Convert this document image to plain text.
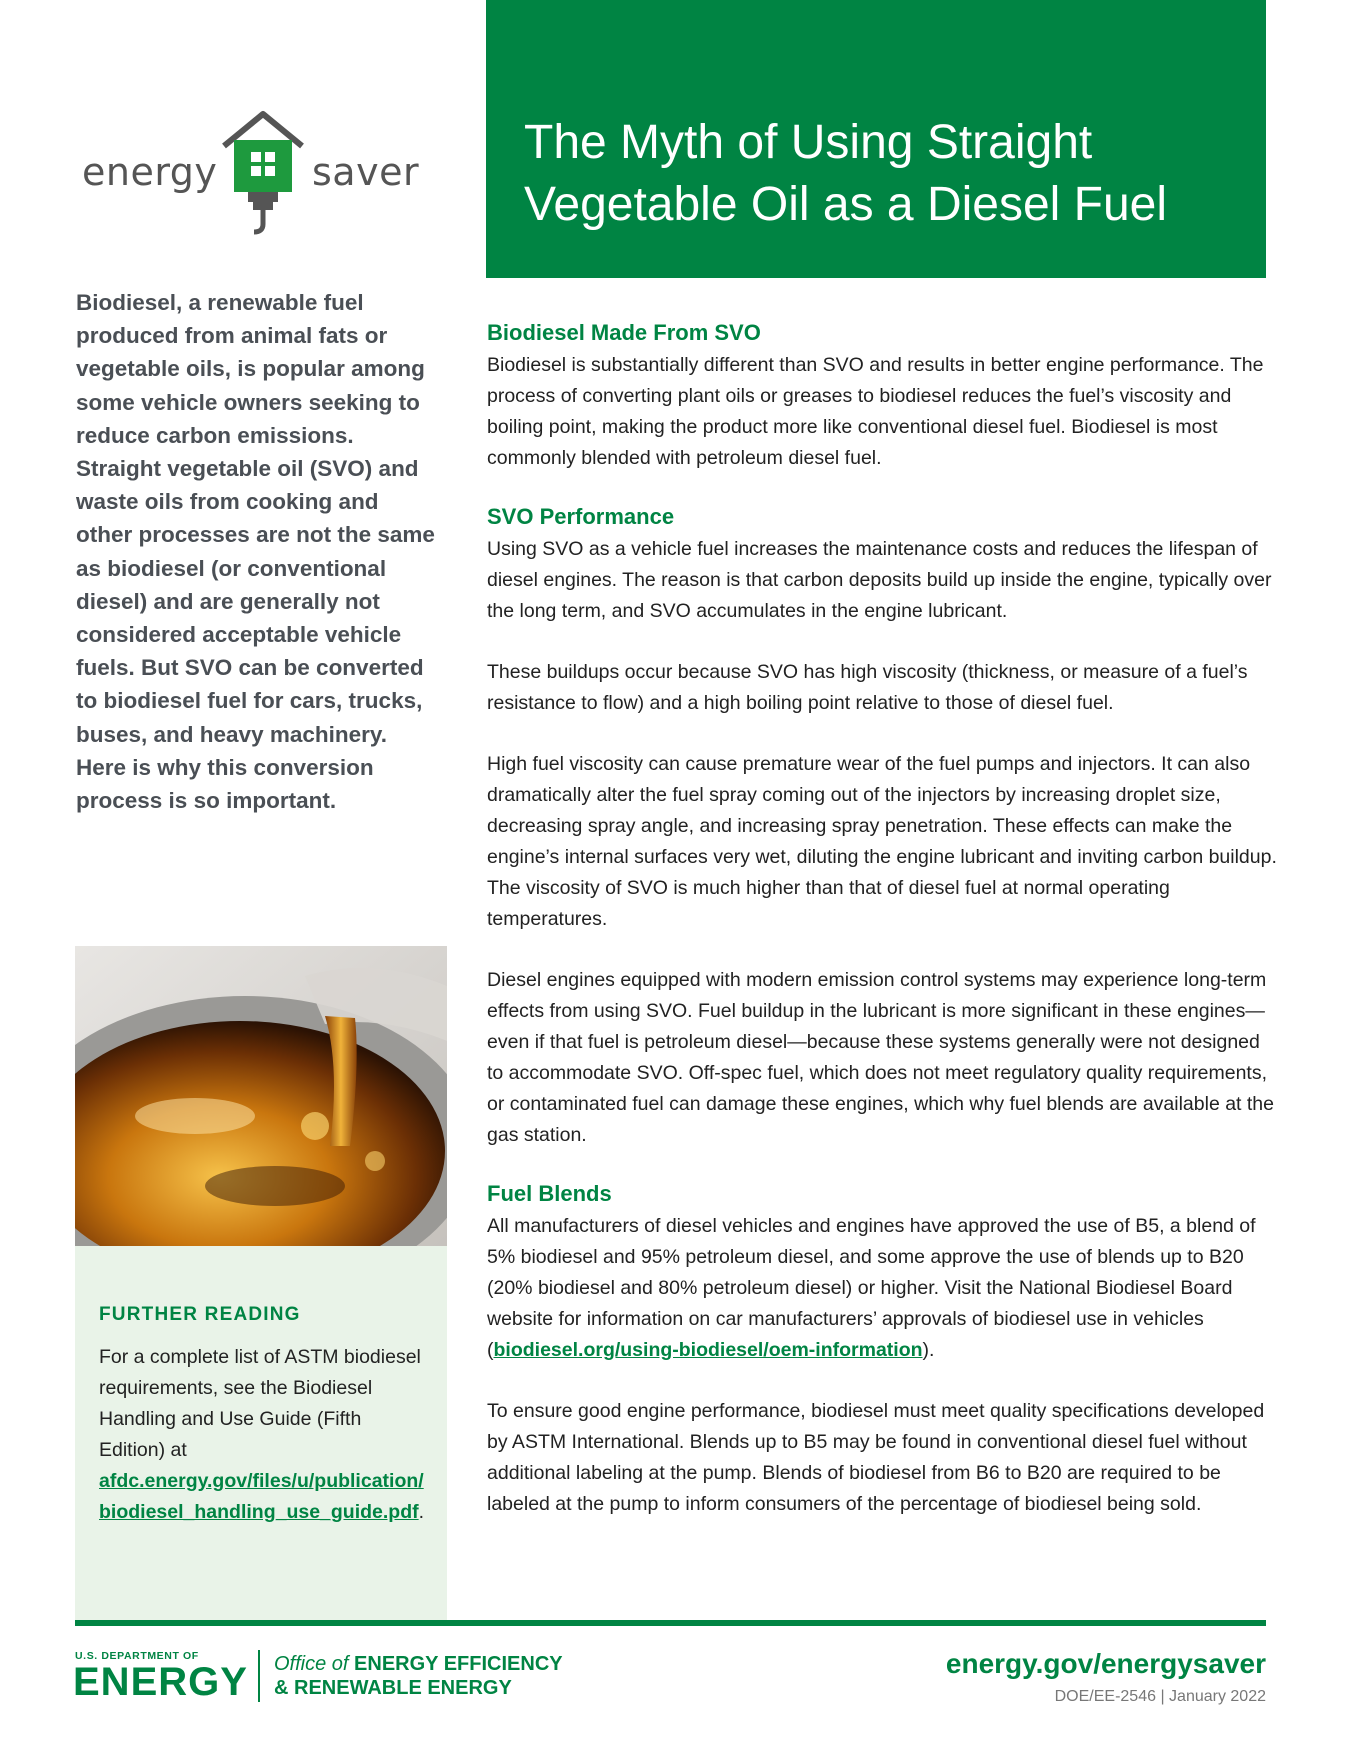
energy saver
The Myth of Using Straight Vegetable Oil as a Diesel Fuel
Biodiesel, a renewable fuel produced from animal fats or vegetable oils, is popular among some vehicle owners seeking to reduce carbon emissions. Straight vegetable oil (SVO) and waste oils from cooking and other processes are not the same as biodiesel (or conventional diesel) and are generally not considered acceptable vehicle fuels. But SVO can be converted to biodiesel fuel for cars, trucks, buses, and heavy machinery. Here is why this conversion process is so important.
FURTHER READING
For a complete list of ASTM biodiesel requirements, see the Biodiesel Handling and Use Guide (Fifth Edition) at afdc.energy.gov/files/u/publication/ biodiesel_handling_use_guide.pdf.
Biodiesel Made From SVO

Biodiesel is substantially different than SVO and results in better engine performance. The process of converting plant oils or greases to biodiesel reduces the fuel’s viscosity and boiling point, making the product more like conventional diesel fuel. Biodiesel is most commonly blended with petroleum diesel fuel.

SVO Performance

Using SVO as a vehicle fuel increases the maintenance costs and reduces the lifespan of diesel engines. The reason is that carbon deposits build up inside the engine, typically over the long term, and SVO accumulates in the engine lubricant.

These buildups occur because SVO has high viscosity (thickness, or measure of a fuel’s resistance to flow) and a high boiling point relative to those of diesel fuel.

High fuel viscosity can cause premature wear of the fuel pumps and injectors. It can also dramatically alter the fuel spray coming out of the injectors by increasing droplet size, decreasing spray angle, and increasing spray penetration. These effects can make the engine’s internal surfaces very wet, diluting the engine lubricant and inviting carbon buildup. The viscosity of SVO is much higher than that of diesel fuel at normal operating temperatures.

Diesel engines equipped with modern emission control systems may experience long-term effects from using SVO. Fuel buildup in the lubricant is more significant in these engines—even if that fuel is petroleum diesel—because these systems generally were not designed to accommodate SVO. Off-spec fuel, which does not meet regulatory quality requirements, or contaminated fuel can damage these engines, which why fuel blends are available at the gas station.

Fuel Blends

All manufacturers of diesel vehicles and engines have approved the use of B5, a blend of 5% biodiesel and 95% petroleum diesel, and some approve the use of blends up to B20 (20% biodiesel and 80% petroleum diesel) or higher. Visit the National Biodiesel Board website for information on car manufacturers’ approvals of biodiesel use in vehicles (biodiesel.org/using-biodiesel/oem-information).

To ensure good engine performance, biodiesel must meet quality specifications developed by ASTM International. Blends up to B5 may be found in conventional diesel fuel without additional labeling at the pump. Blends of biodiesel from B6 to B20 are required to be labeled at the pump to inform consumers of the percentage of biodiesel being sold.

U.S. DEPARTMENT OF
ENERGY Office of ENERGY EFFICIENCY
& RENEWABLE ENERGY
energy.gov/energysaver
DOE/EE-2546 | January 2022
